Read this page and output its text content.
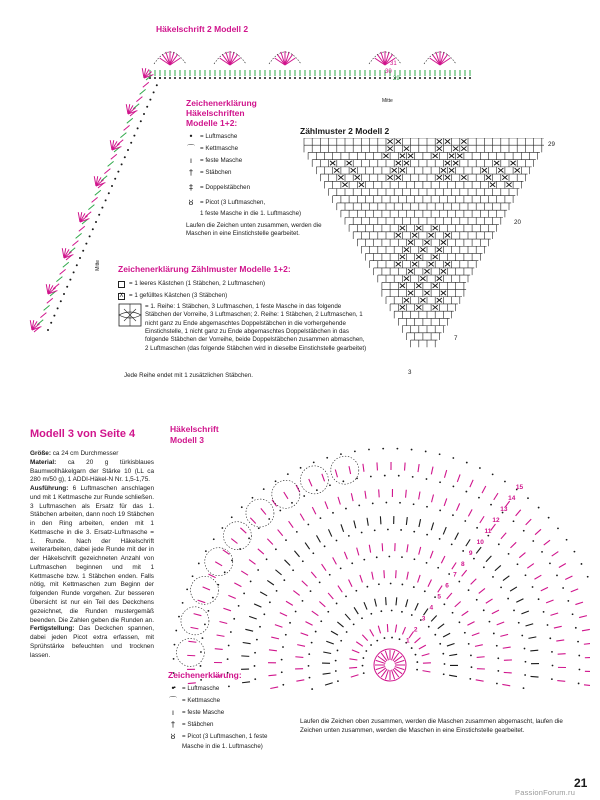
Häkelschrift 2 Modell 2
31
30
29
Mitte
Mitte
Zeichenerklärung
Häkelschriften
Modelle 1+2:
•	= Luftmasche
⌒ = Kettmasche
ı	= feste Masche
†	= Stäbchen
‡	= Doppelstäbchen
ȣ	= Picot (3 Luftmaschen,
1 feste Masche in die 1. Luftmasche)
Laufen die Zeichen unten zusammen, werden die Maschen in eine Einstichstelle gearbeitet.
Zählmuster 2 Modell 2
29
20
7
3
Zeichenerklärung Zählmuster Modelle 1+2:
= 1 leeres Kästchen (1 Stäbchen, 2 Luftmaschen)
X = 1 gefülltes Kästchen (3 Stäbchen)
= 1. Reihe: 1 Stäbchen, 3 Luftmaschen, 1 feste Masche in das folgende Stäbchen der Vorreihe, 3 Luftmaschen; 2. Reihe: 1 Stäbchen, 2 Luftmaschen, 1 nicht ganz zu Ende abgemaschtes Doppelstäbchen in die vorhergehende Einstichstelle, 1 nicht ganz zu Ende abgemaschtes Doppelstäbchen in das folgende Stäbchen der Vorreihe, beide Doppelstäbchen zusammen abmaschen, 2 Luftmaschen (das folgende Stäbchen wird in dieselbe Einstichstelle gearbeitet)
Jede Reihe endet mit 1 zusätzlichen Stäbchen.
Modell 3 von Seite 4
Größe: ca 24 cm Durchmesser
Material: ca 20 g türkisblaues Baumwollhäkelgarn der Stärke 10 (LL ca 280 m/50 g), 1 ADDI-Häkel-N Nr. 1,5-1,75.
Ausführung: 6 Luftmaschen anschlagen und mit 1 Kettmasche zur Runde schließen. 3 Luftmaschen als Ersatz für das 1. Stäbchen arbeiten, dann noch 19 Stäbchen in den Ring arbeiten, enden mit 1 Kettmasche in die 3. Ersatz-Luftmasche = 1. Runde. Nach der Häkelschrift weiterarbeiten, dabei jede Runde mit der in der Häkelschrift gezeichneten Anzahl von Luftmaschen beginnen und mit 1 Kettmasche bzw. 1 Stäbchen enden. Falls nötig, mit Kettmaschen zum Beginn der folgenden Runde vorgehen. Zur besseren Übersicht ist nur ein Teil des Deckchens gezeichnet, die Runden mustergemäß beenden. Die Zahlen geben die Runden an.
Fertigstellung: Das Deckchen spannen, dabei jeden Picot extra erfassen, mit Sprühstärke befeuchten und trocknen lassen.
Häkelschrift
Modell 3
15
14
13
12
11
10
9
8
7
6
5
4
3
2
1
Zeichenerklärung:
•	= Luftmasche
⌒ = Kettmasche
ı	= feste Masche
†	= Stäbchen
ȣ	= Picot (3 Luftmaschen, 1 feste
Masche in die 1. Luftmasche)
Laufen die Zeichen oben zusammen, werden die Maschen zusammen abgemascht, laufen die Zeichen unten zusammen, werden die Maschen in eine Einstichstelle gearbeitet.
21
PassionForum.ru
